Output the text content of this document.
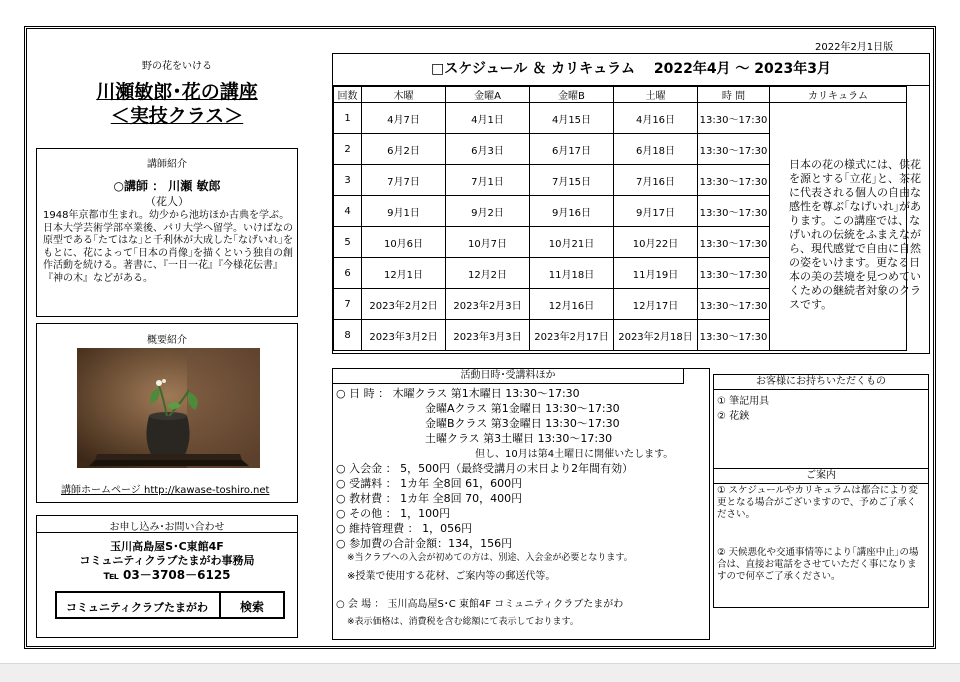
2022年2月1日版
野の花をいける
川瀬敏郎･花の講座
＜実技クラス＞
講師紹介
○講師 ： 川瀬 敏郎
（花人）
1948年京都市生まれ。幼少から池坊ほか古典を学ぶ。日本大学芸術学部卒業後、パリ大学へ留学。いけばなの原型である｢たてはな｣と千利休が大成した｢なげいれ｣をもとに、花によって｢日本の肖像｣を描くという独自の創作活動を続ける。著書に、『一日一花』『今様花伝書』『神の木』などがある。
概要紹介
講師ホームページ http://kawase-toshiro.net
お申し込み･お問い合わせ
玉川高島屋S･C東館4F
コミュニティクラブたまがわ事務局
℡ 03－3708－6125
コミュニティクラブたまがわ	検索
□スケジュール ＆ カリキュラム　 2022年4月 ～ 2023年3月
回数	木曜	金曜A	金曜B	土曜	時 間	カリキュラム
1	4月7日	4月1日	4月15日	4月16日	13:30～17:30	
2	6月2日	6月3日	6月17日	6月18日	13:30～17:30	
3	7月7日	7月1日	7月15日	7月16日	13:30～17:30	
4	9月1日	9月2日	9月16日	9月17日	13:30～17:30	
5	10月6日	10月7日	10月21日	10月22日	13:30～17:30	
6	12月1日	12月2日	11月18日	11月19日	13:30～17:30	
7	2023年2月2日	2023年2月3日	12月16日	12月17日	13:30～17:30	
8	2023年3月2日	2023年3月3日	2023年2月17日	2023年2月18日	13:30～17:30	
日本の花の様式には、供花を源とする｢立花｣と、茶花に代表される個人の自由な感性を尊ぶ｢なげいれ｣があります。この講座では、なげいれの伝統をふまえながら、現代感覚で自由に自然の姿をいけます。更なる日本の美の芸境を見つめていくための継続者対象のクラスです。
活動日時･受講料ほか
○ 日 時 ： 木曜クラス 第1木曜日 13:30～17:30
金曜Aクラス 第1金曜日 13:30～17:30
金曜Bクラス 第3金曜日 13:30～17:30
土曜クラス 第3土曜日 13:30～17:30
但し、10月は第4土曜日に開催いたします。
○ 入会金 ： 5，500円（最終受講月の末日より2年間有効）
○ 受講料 ： 1カ年 全8回 61，600円
○ 教材費 ： 1カ年 全8回 70，400円
○ その他 ： 1，100円
○ 維持管理費 ： 1，056円
○ 参加費の合計金額：134，156円
※当クラブへの入会が初めての方は、別途、入会金が必要となります。
※授業で使用する花材、ご案内等の郵送代等。
○ 会 場 ： 玉川高島屋S･C 東館4F コミュニティクラブたまがわ
※表示価格は、消費税を含む総額にて表示しております。
お客様にお持ちいただくもの
① 筆記用具
② 花鋏
ご案内
① スケジュールやカリキュラムは都合により変更となる場合がございますので、予めご了承ください。
② 天候悪化や交通事情等により｢講座中止｣の場合は、直接お電話をさせていただく事になりますので何卒ご了承ください。
